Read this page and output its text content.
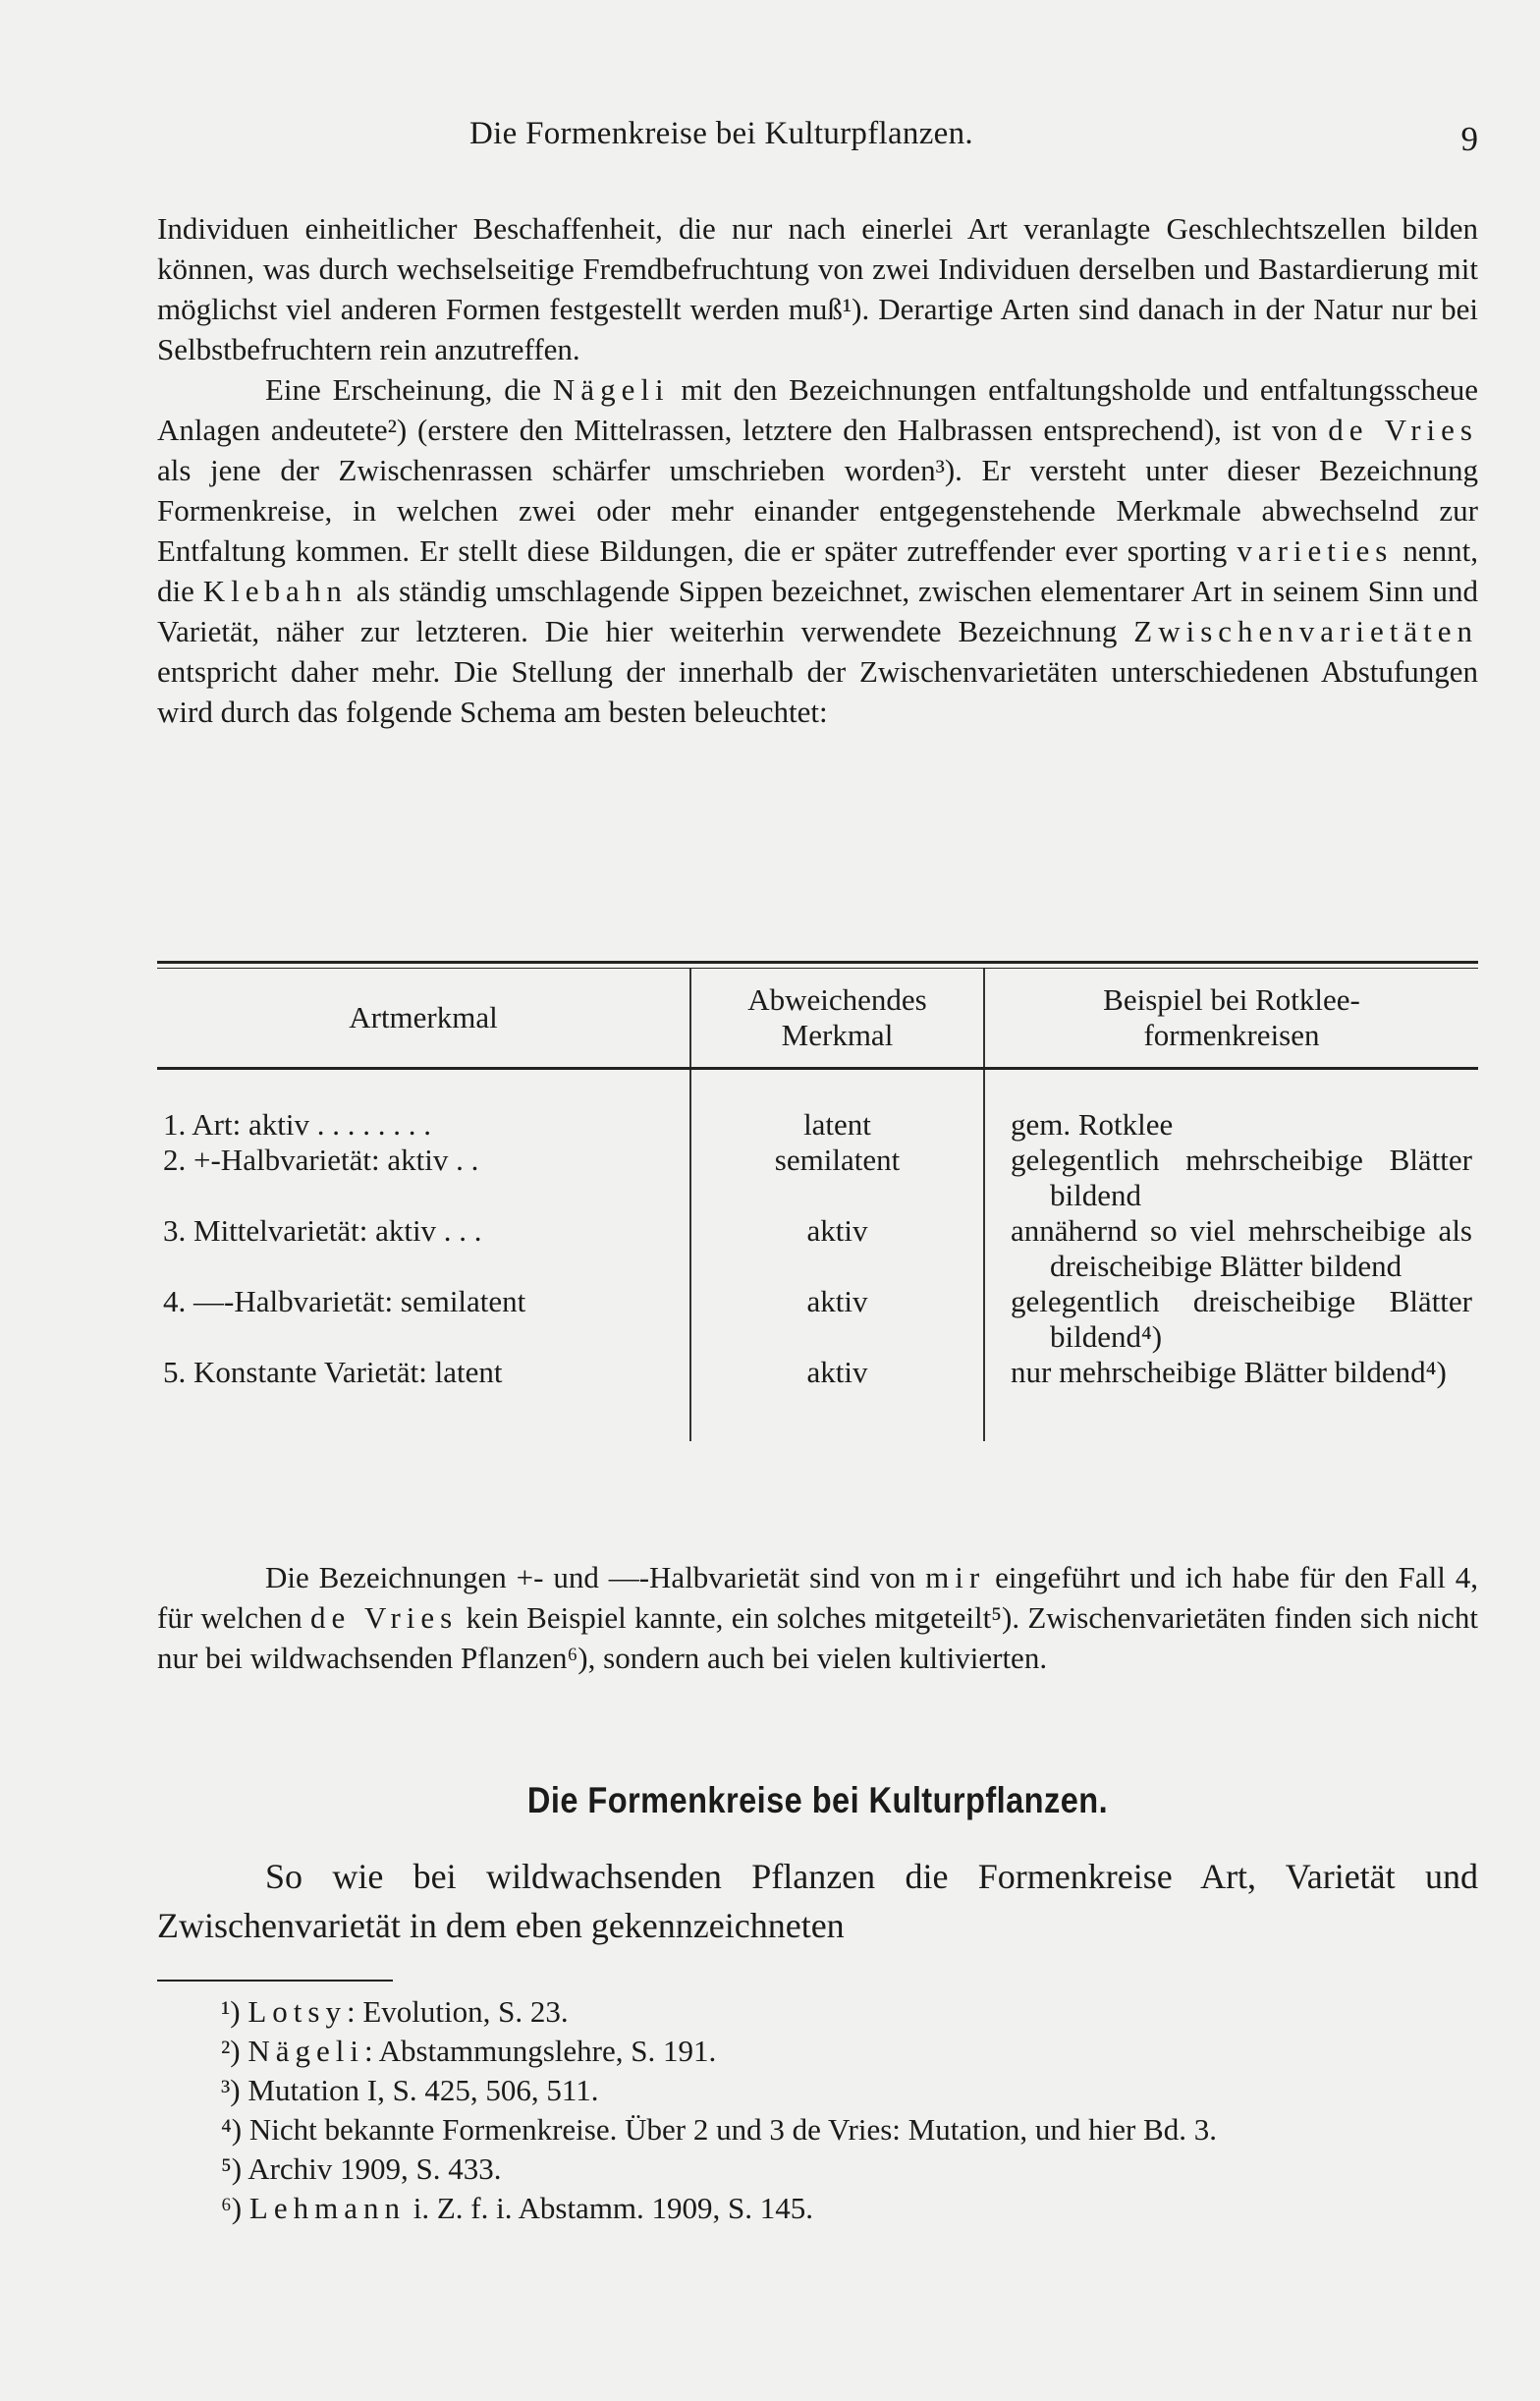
Die Formenkreise bei Kulturpflanzen.	9

Individuen einheitlicher Beschaffenheit, die nur nach einerlei Art veranlagte Geschlechtszellen bilden können, was durch wechselseitige Fremdbefruchtung von zwei Individuen derselben und Bastardierung mit möglichst viel anderen Formen festgestellt werden muß¹). Derartige Arten sind danach in der Natur nur bei Selbstbefruchtern rein anzutreffen.

Eine Erscheinung, die Nägeli mit den Bezeichnungen entfaltungsholde und entfaltungsscheue Anlagen andeutete²) (erstere den Mittelrassen, letztere den Halbrassen entsprechend), ist von de Vries als jene der Zwischenrassen schärfer umschrieben worden³). Er versteht unter dieser Bezeichnung Formenkreise, in welchen zwei oder mehr einander entgegenstehende Merkmale abwechselnd zur Entfaltung kommen. Er stellt diese Bildungen, die er später zutreffender ever sporting varieties nennt, die Klebahn als ständig umschlagende Sippen bezeichnet, zwischen elementarer Art in seinem Sinn und Varietät, näher zur letzteren. Die hier weiterhin verwendete Bezeichnung Zwischenvarietäten entspricht daher mehr. Die Stellung der innerhalb der Zwischenvarietäten unterschiedenen Abstufungen wird durch das folgende Schema am besten beleuchtet:

Artmerkmal	Abweichendes Merkmal	Beispiel bei Rotklee-formenkreisen
1. Art: aktiv . . . . . . . .	latent	gem. Rotklee

2. +-Halbvarietät: aktiv . .	semilatent	gelegentlich mehrscheibige Blätter bildend

3. Mittelvarietät: aktiv . . .	aktiv	annähernd so viel mehrscheibige als dreischeibige Blätter bildend

4. —-Halbvarietät: semilatent	aktiv	gelegentlich dreischeibige Blätter bildend⁴)

5. Konstante Varietät: latent	aktiv	nur mehrscheibige Blätter bildend⁴)

Die Bezeichnungen +- und —-Halbvarietät sind von mir eingeführt und ich habe für den Fall 4, für welchen de Vries kein Beispiel kannte, ein solches mitgeteilt⁵). Zwischenvarietäten finden sich nicht nur bei wildwachsenden Pflanzen⁶), sondern auch bei vielen kultivierten.

Die Formenkreise bei Kulturpflanzen.

So wie bei wildwachsenden Pflanzen die Formenkreise Art, Varietät und Zwischenvarietät in dem eben gekennzeichneten

¹) Lotsy: Evolution, S. 23.

²) Nägeli: Abstammungslehre, S. 191.

³) Mutation I, S. 425, 506, 511.

⁴) Nicht bekannte Formenkreise. Über 2 und 3 de Vries: Mutation, und hier Bd. 3.

⁵) Archiv 1909, S. 433.

⁶) Lehmann i. Z. f. i. Abstamm. 1909, S. 145.
